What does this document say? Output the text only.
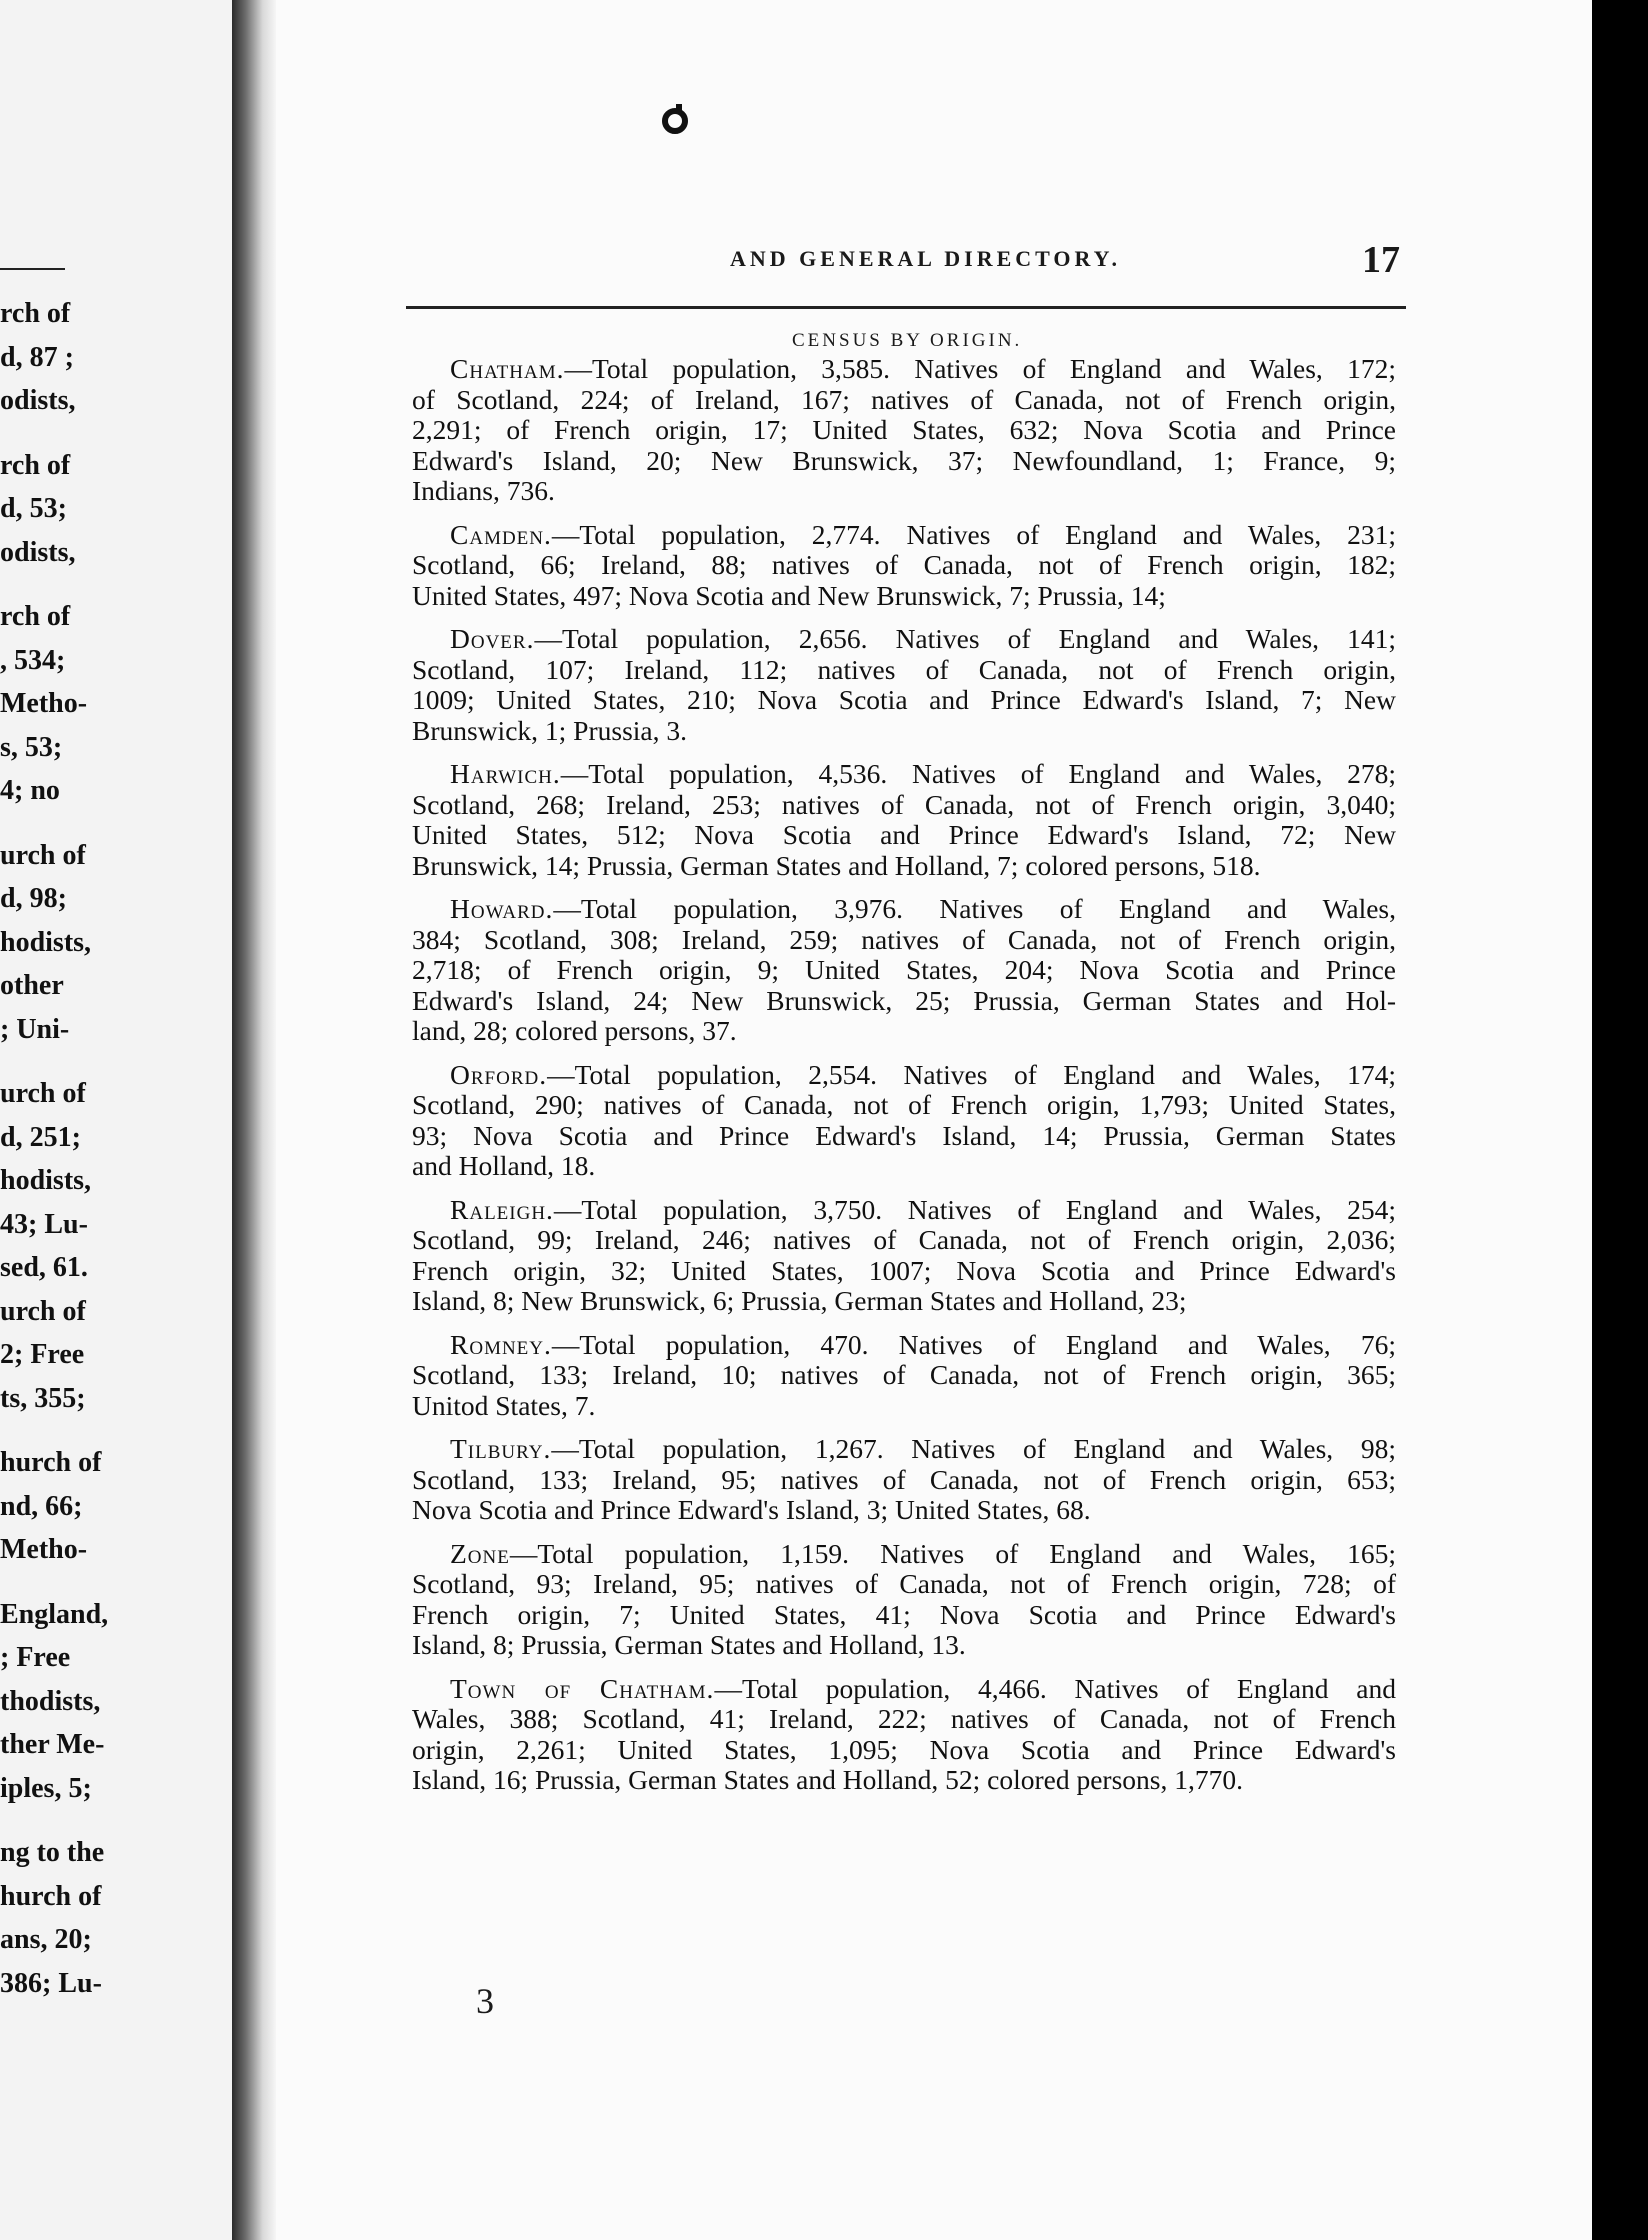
rch of
d, 87 ;
odists,
rch of
d, 53;
odists,
rch of
, 534;
Metho-
s, 53;
4; no
urch of
d, 98;
hodists,
other
; Uni-
urch of
d, 251;
hodists,
43; Lu-
sed, 61.
urch of
2; Free
ts, 355;
hurch of
nd, 66;
Metho-
England,
; Free
thodists,
ther Me-
iples, 5;
ng to the
hurch of
ans, 20;
386; Lu-
AND GENERAL DIRECTORY.	17
CENSUS BY ORIGIN.
Chatham.—Total population, 3,585. Natives of England and Wales, 172;
of Scotland, 224; of Ireland, 167; natives of Canada, not of French origin,
2,291; of French origin, 17; United States, 632; Nova Scotia and Prince
Edward's Island, 20; New Brunswick, 37; Newfoundland, 1; France, 9;
Indians, 736.
Camden.—Total population, 2,774. Natives of England and Wales, 231;
Scotland, 66; Ireland, 88; natives of Canada, not of French origin, 182;
United States, 497; Nova Scotia and New Brunswick, 7; Prussia, 14;
Dover.—Total population, 2,656. Natives of England and Wales, 141;
Scotland, 107; Ireland, 112; natives of Canada, not of French origin,
1009; United States, 210; Nova Scotia and Prince Edward's Island, 7; New
Brunswick, 1; Prussia, 3.
Harwich.—Total population, 4,536. Natives of England and Wales, 278;
Scotland, 268; Ireland, 253; natives of Canada, not of French origin, 3,040;
United States, 512; Nova Scotia and Prince Edward's Island, 72; New
Brunswick, 14; Prussia, German States and Holland, 7; colored persons, 518.
Howard.—Total population, 3,976. Natives of England and Wales,
384; Scotland, 308; Ireland, 259; natives of Canada, not of French origin,
2,718; of French origin, 9; United States, 204; Nova Scotia and Prince
Edward's Island, 24; New Brunswick, 25; Prussia, German States and Hol-
land, 28; colored persons, 37.
Orford.—Total population, 2,554. Natives of England and Wales, 174;
Scotland, 290; natives of Canada, not of French origin, 1,793; United States,
93; Nova Scotia and Prince Edward's Island, 14; Prussia, German States
and Holland, 18.
Raleigh.—Total population, 3,750. Natives of England and Wales, 254;
Scotland, 99; Ireland, 246; natives of Canada, not of French origin, 2,036;
French origin, 32; United States, 1007; Nova Scotia and Prince Edward's
Island, 8; New Brunswick, 6; Prussia, German States and Holland, 23;
Romney.—Total population, 470. Natives of England and Wales, 76;
Scotland, 133; Ireland, 10; natives of Canada, not of French origin, 365;
Unitod States, 7.
Tilbury.—Total population, 1,267. Natives of England and Wales, 98;
Scotland, 133; Ireland, 95; natives of Canada, not of French origin, 653;
Nova Scotia and Prince Edward's Island, 3; United States, 68.
Zone—Total population, 1,159. Natives of England and Wales, 165;
Scotland, 93; Ireland, 95; natives of Canada, not of French origin, 728; of
French origin, 7; United States, 41; Nova Scotia and Prince Edward's
Island, 8; Prussia, German States and Holland, 13.
Town of Chatham.—Total population, 4,466. Natives of England and
Wales, 388; Scotland, 41; Ireland, 222; natives of Canada, not of French
origin, 2,261; United States, 1,095; Nova Scotia and Prince Edward's
Island, 16; Prussia, German States and Holland, 52; colored persons, 1,770.
3
